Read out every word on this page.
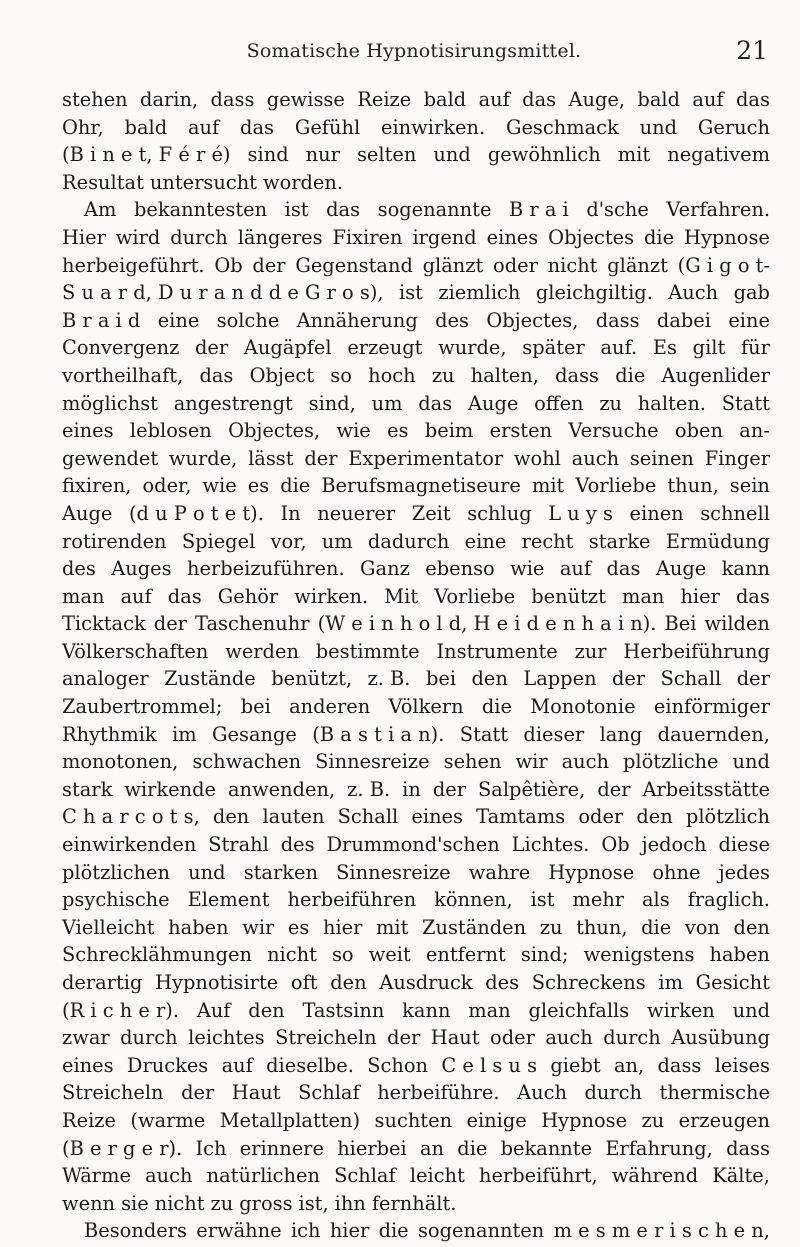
Somatische Hypnotisirungsmittel.	21
stehen darin, dass gewisse Reize bald auf das Auge, bald auf das
Ohr, bald auf das Gefühl einwirken. Geschmack und Geruch
(B i n e t, F é r é) sind nur selten und gewöhnlich mit negativem
Resultat untersucht worden.
Am bekanntesten ist das sogenannte B r a i d'sche Verfahren.
Hier wird durch längeres Fixiren irgend eines Objectes die Hypnose
herbeigeführt. Ob der Gegenstand glänzt oder nicht glänzt (G i g o t-
S u a r d, D u r a n d d e G r o s), ist ziemlich gleichgiltig. Auch gab
B r a i d eine solche Annäherung des Objectes, dass dabei eine
Convergenz der Augäpfel erzeugt wurde, später auf. Es gilt für
vortheilhaft, das Object so hoch zu halten, dass die Augenlider
möglichst angestrengt sind, um das Auge offen zu halten. Statt
eines leblosen Objectes, wie es beim ersten Versuche oben an-
gewendet wurde, lässt der Experimentator wohl auch seinen Finger
fixiren, oder, wie es die Berufsmagnetiseure mit Vorliebe thun, sein
Auge (d u P o t e t). In neuerer Zeit schlug L u y s einen schnell
rotirenden Spiegel vor, um dadurch eine recht starke Ermüdung
des Auges herbeizuführen. Ganz ebenso wie auf das Auge kann
man auf das Gehör wirken. Mit Vorliebe benützt man hier das
Ticktack der Taschenuhr (W e i n h o l d, H e i d e n h a i n). Bei wilden
Völkerschaften werden bestimmte Instrumente zur Herbeiführung
analoger Zustände benützt, z. B. bei den Lappen der Schall der
Zaubertrommel; bei anderen Völkern die Monotonie einförmiger
Rhythmik im Gesange (B a s t i a n). Statt dieser lang dauernden,
monotonen, schwachen Sinnesreize sehen wir auch plötzliche und
stark wirkende anwenden, z. B. in der Salpêtière, der Arbeitsstätte
C h a r c o t s, den lauten Schall eines Tamtams oder den plötzlich
einwirkenden Strahl des Drummond'schen Lichtes. Ob jedoch diese
plötzlichen und starken Sinnesreize wahre Hypnose ohne jedes
psychische Element herbeiführen können, ist mehr als fraglich.
Vielleicht haben wir es hier mit Zuständen zu thun, die von den
Schrecklähmungen nicht so weit entfernt sind; wenigstens haben
derartig Hypnotisirte oft den Ausdruck des Schreckens im Gesicht
(R i c h e r). Auf den Tastsinn kann man gleichfalls wirken und
zwar durch leichtes Streicheln der Haut oder auch durch Ausübung
eines Druckes auf dieselbe. Schon C e l s u s giebt an, dass leises
Streicheln der Haut Schlaf herbeiführe. Auch durch thermische
Reize (warme Metallplatten) suchten einige Hypnose zu erzeugen
(B e r g e r). Ich erinnere hierbei an die bekannte Erfahrung, dass
Wärme auch natürlichen Schlaf leicht herbeiführt, während Kälte,
wenn sie nicht zu gross ist, ihn fernhält.
Besonders erwähne ich hier die sogenannten m e s m e r i s c h e n,
